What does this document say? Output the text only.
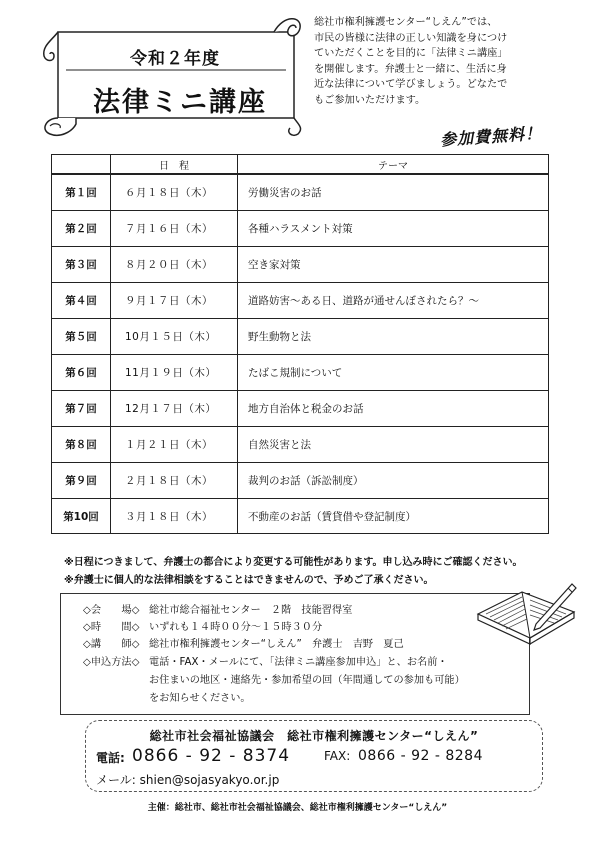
令和２年度
法律ミニ講座
総社市権利擁護センター“しえん”では、
市民の皆様に法律の正しい知識を身につけ
ていただくことを目的に「法律ミニ講座」
を開催します。弁護士と一緒に、生活に身
近な法律について学びましょう。どなたで
もご参加いただけます。
参加費無料！
	日　程	テーマ
第１回	６月１８日（木）	労働災害のお話
第２回	７月１６日（木）	各種ハラスメント対策
第３回	８月２０日（木）	空き家対策
第４回	９月１７日（木）	道路妨害～ある日、道路が通せんぼされたら？～
第５回	10月１５日（木）	野生動物と法
第６回	11月１９日（木）	たばこ規制について
第７回	12月１７日（木）	地方自治体と税金のお話
第８回	１月２１日（木）	自然災害と法
第９回	２月１８日（木）	裁判のお話（訴訟制度）
第10回	３月１８日（木）	不動産のお話（賃貸借や登記制度）
※日程につきまして、弁護士の都合により変更する可能性があります。申し込み時にご確認ください。
※弁護士に個人的な法律相談をすることはできませんので、予めご了承ください。
◇会　　場◇ 総社市総合福祉センター　２階　技能習得室
◇時　　間◇ いずれも１４時００分～１５時３０分
◇講　　師◇ 総社市権利擁護センター“しえん”　弁護士　吉野　夏己
◇申込方法◇ 電話・FAX・メールにて、「法律ミニ講座参加申込」と、お名前・
お住まいの地区・連絡先・参加希望の回（年間通しての参加も可能）
をお知らせください。
総社市社会福祉協議会　総社市権利擁護センター“しえん”
電話: 0866 - 92 - 8374	FAX: 0866 - 92 - 8284
メール: shien@sojasyakyo.or.jp
主催：総社市、総社市社会福祉協議会、総社市権利擁護センター“しえん”
